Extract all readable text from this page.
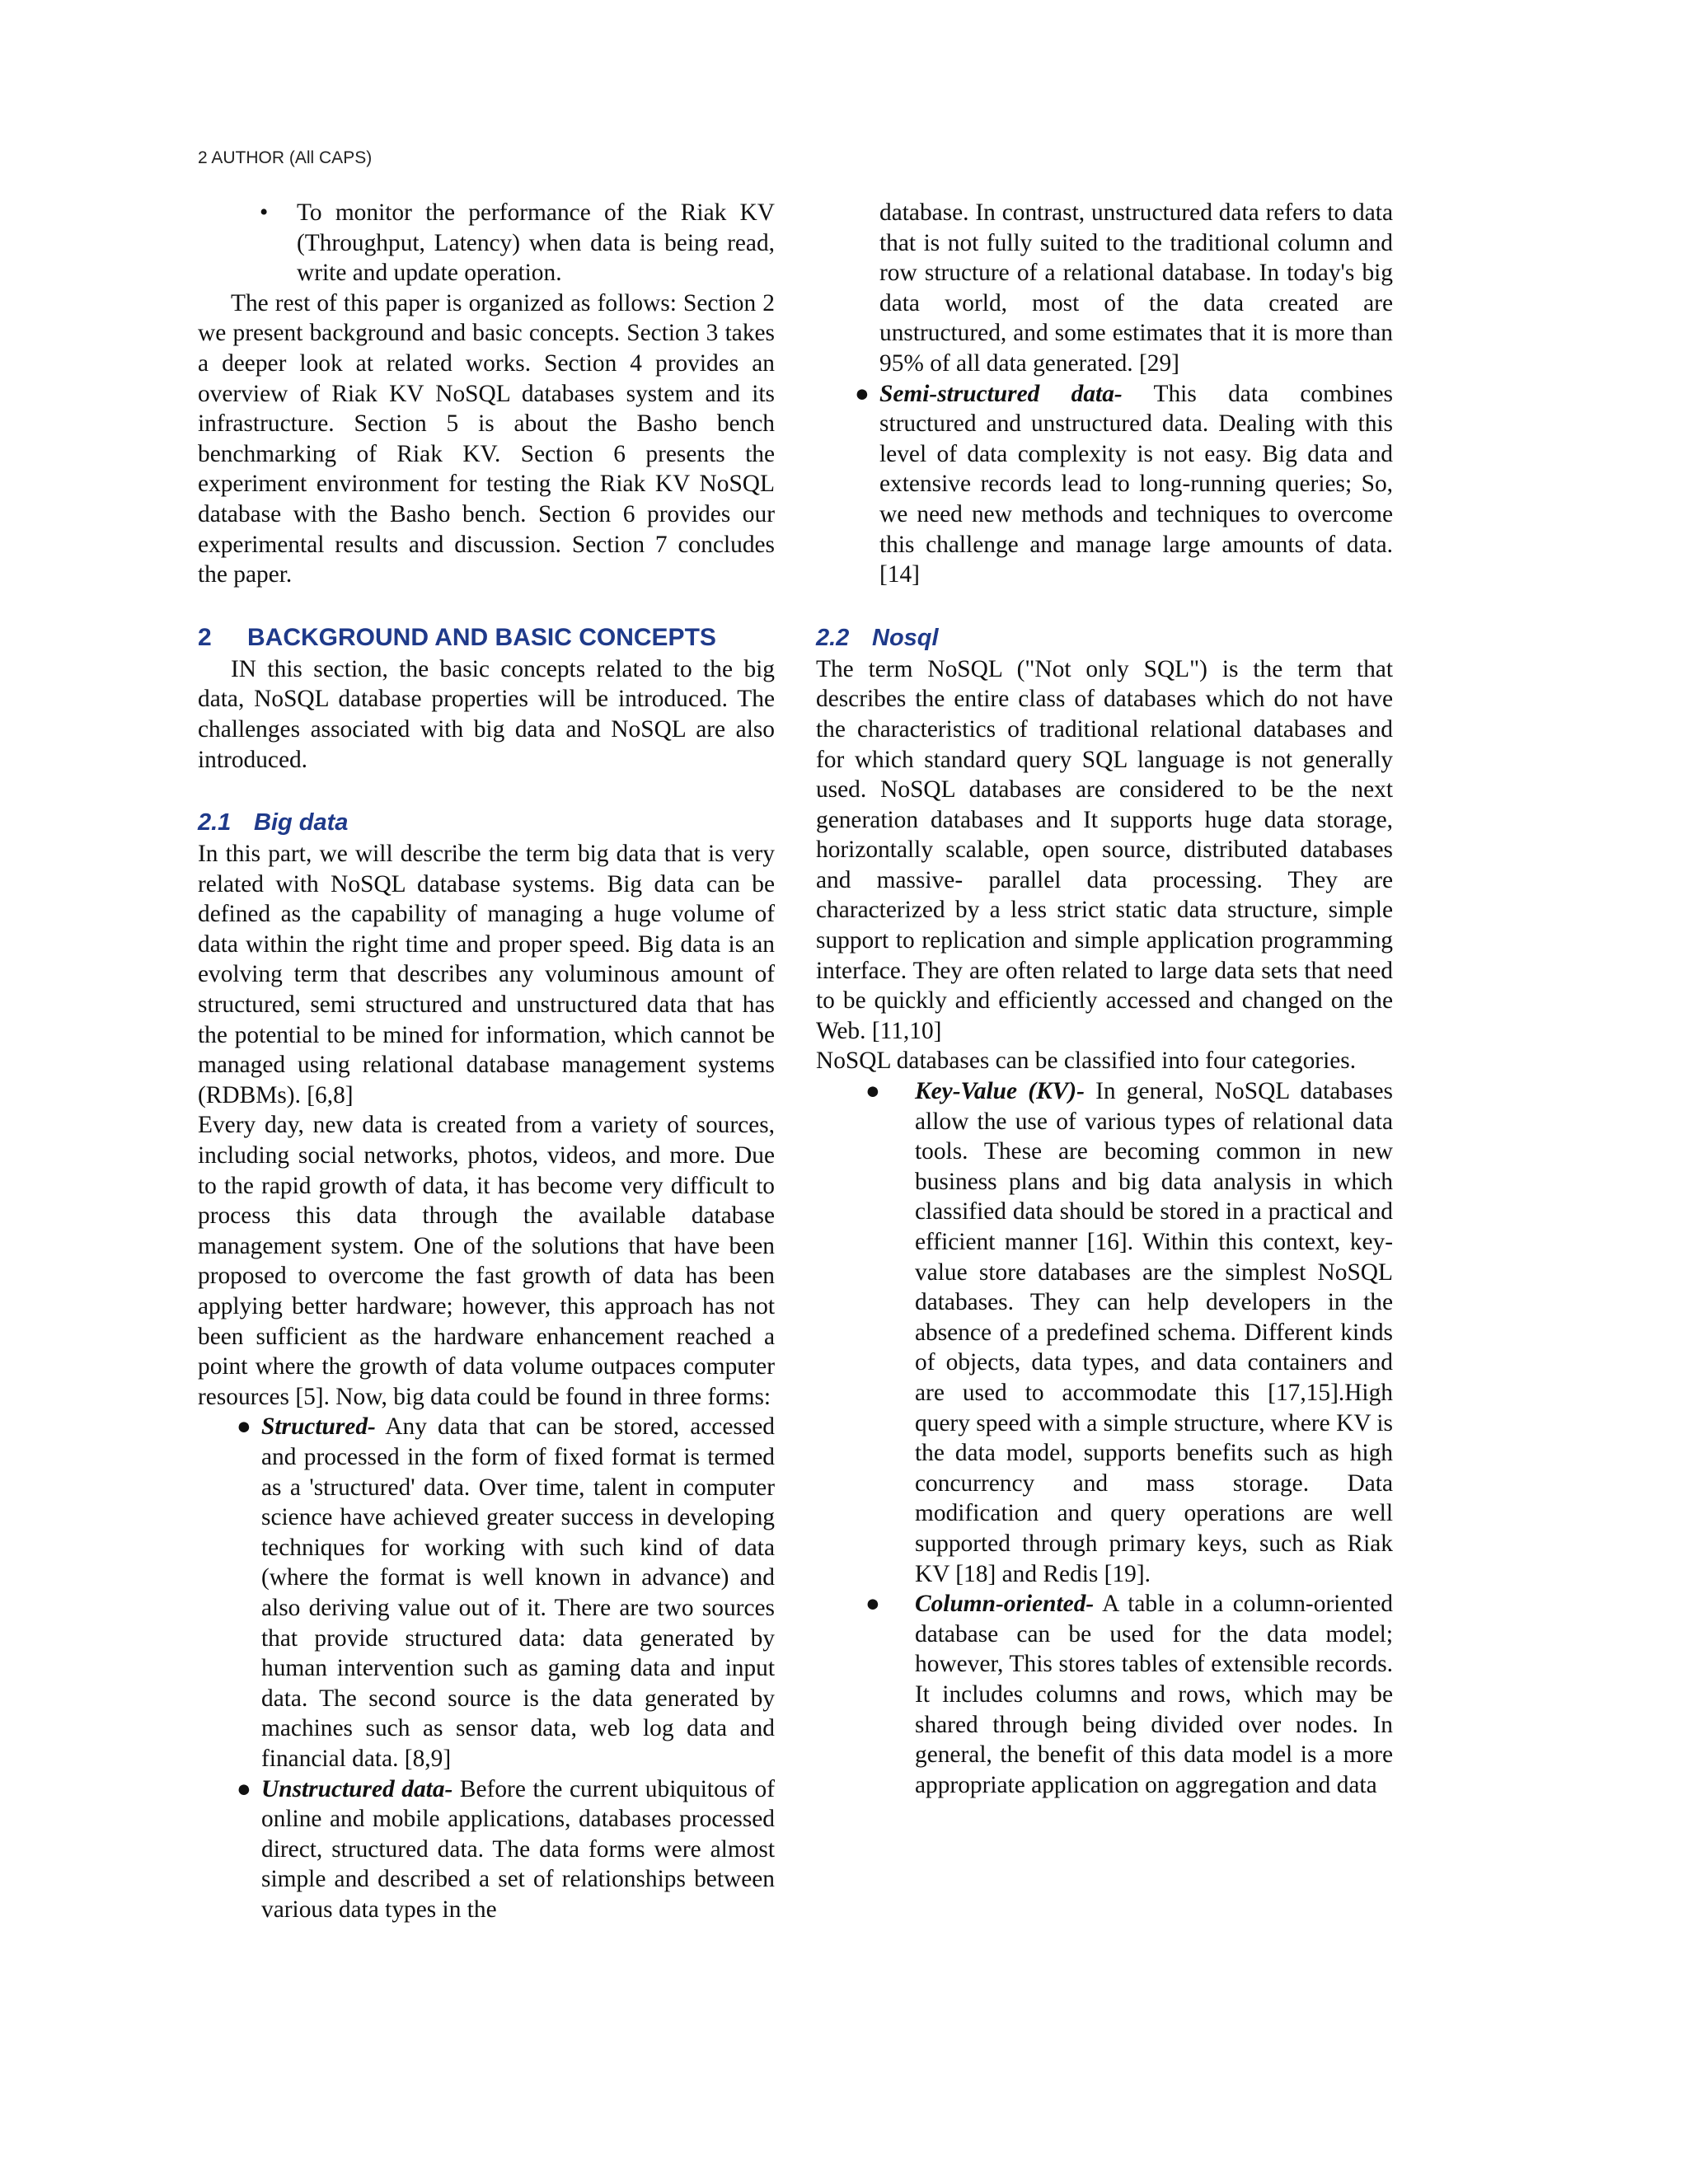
2 AUTHOR (All CAPS)
• To monitor the performance of the Riak KV (Throughput, Latency) when data is being read, write and update operation.

The rest of this paper is organized as follows: Section 2 we present background and basic concepts. Section 3 takes a deeper look at related works. Section 4 provides an overview of Riak KV NoSQL databases system and its infrastructure. Section 5 is about the Basho bench benchmarking of Riak KV. Section 6 presents the experiment environment for testing the Riak KV NoSQL database with the Basho bench. Section 6 provides our experimental results and discussion. Section 7 concludes the paper.

2 BACKGROUND AND BASIC CONCEPTS

IN this section, the basic concepts related to the big data, NoSQL database properties will be introduced. The challenges associated with big data and NoSQL are also introduced.

2.1 Big data

In this part, we will describe the term big data that is very related with NoSQL database systems. Big data can be defined as the capability of managing a huge volume of data within the right time and proper speed. Big data is an evolving term that describes any voluminous amount of structured, semi structured and unstructured data that has the potential to be mined for information, which cannot be managed using relational database management systems (RDBMs). [6,8]

Every day, new data is created from a variety of sources, including social networks, photos, videos, and more. Due to the rapid growth of data, it has become very difficult to process this data through the available database management system. One of the solutions that have been proposed to overcome the fast growth of data has been applying better hardware; however, this approach has not been sufficient as the hardware enhancement reached a point where the growth of data volume outpaces computer resources [5]. Now, big data could be found in three forms:

● Structured- Any data that can be stored, accessed and processed in the form of fixed format is termed as a 'structured' data. Over time, talent in computer science have achieved greater success in developing techniques for working with such kind of data (where the format is well known in advance) and also deriving value out of it. There are two sources that provide structured data: data generated by human intervention such as gaming data and input data. The second source is the data generated by machines such as sensor data, web log data and financial data. [8,9]
● Unstructured data- Before the current ubiquitous of online and mobile applications, databases processed direct, structured data. The data forms were almost simple and described a set of relationships between various data types in the
database. In contrast, unstructured data refers to data that is not fully suited to the traditional column and row structure of a relational database. In today's big data world, most of the data created are unstructured, and some estimates that it is more than 95% of all data generated. [29]
● Semi-structured data- This data combines structured and unstructured data. Dealing with this level of data complexity is not easy. Big data and extensive records lead to long-running queries; So, we need new methods and techniques to overcome this challenge and manage large amounts of data.[14]
2.2 Nosql

The term NoSQL ("Not only SQL") is the term that describes the entire class of databases which do not have the characteristics of traditional relational databases and for which standard query SQL language is not generally used. NoSQL databases are considered to be the next generation databases and It supports huge data storage, horizontally scalable, open source, distributed databases and massive- parallel data processing. They are characterized by a less strict static data structure, simple support to replication and simple application programming interface. They are often related to large data sets that need to be quickly and efficiently accessed and changed on the Web. [11,10]

NoSQL databases can be classified into four categories.

● Key-Value (KV)- In general, NoSQL databases allow the use of various types of relational data tools. These are becoming common in new business plans and big data analysis in which classified data should be stored in a practical and efficient manner [16]. Within this context, key-value store databases are the simplest NoSQL databases. They can help developers in the absence of a predefined schema. Different kinds of objects, data types, and data containers and are used to accommodate this [17,15].High query speed with a simple structure, where KV is the data model, supports benefits such as high concurrency and mass storage. Data modification and query operations are well supported through primary keys, such as Riak KV [18] and Redis [19].
● Column-oriented- A table in a column-oriented database can be used for the data model; however, This stores tables of extensible records. It includes columns and rows, which may be shared through being divided over nodes. In general, the benefit of this data model is a more appropriate application on aggregation and data
